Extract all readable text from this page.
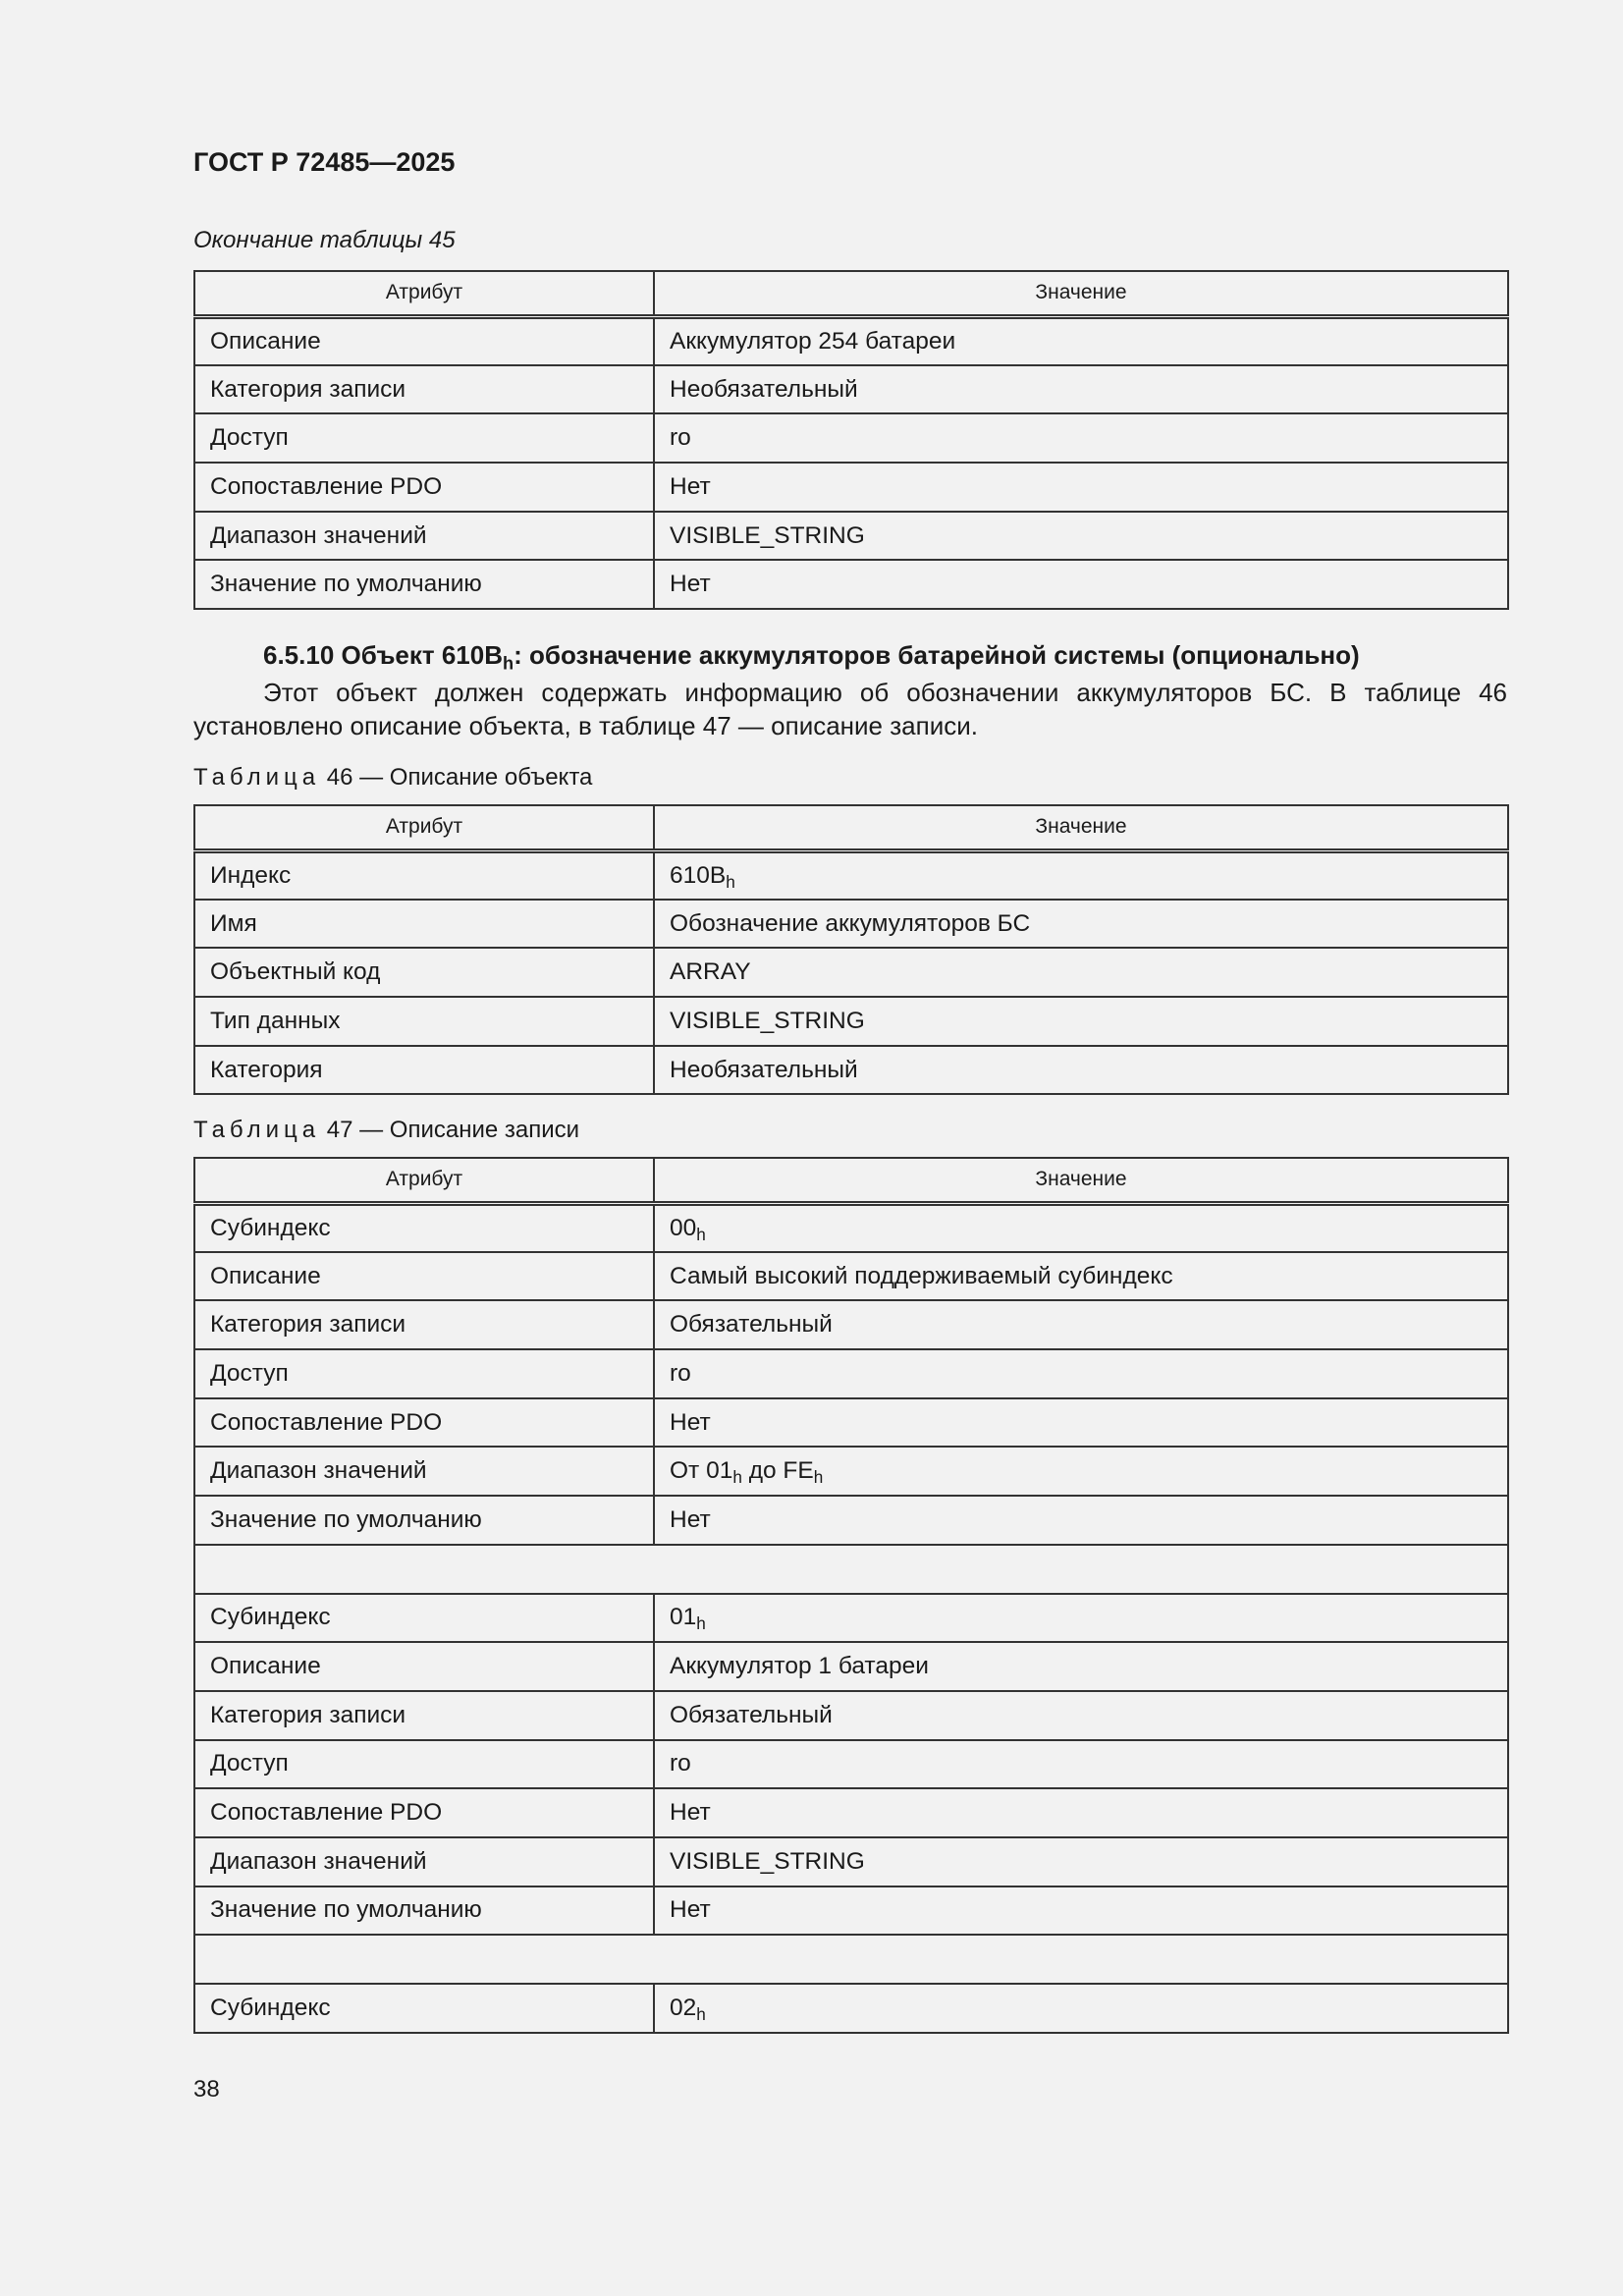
ГОСТ Р 72485—2025
Окончание таблицы 45
Атрибут	Значение
Описание	Аккумулятор 254 батареи
Категория записи	Необязательный
Доступ	ro
Сопоставление PDO	Нет
Диапазон значений	VISIBLE_STRING
Значение по умолчанию	Нет
6.5.10 Объект $610B_h$: обозначение аккумуляторов батарейной системы (опционально)
Этот объект должен содержать информацию об обозначении аккумуляторов БС. В таблице 46 установлено описание объекта, в таблице 47 — описание записи.
Таблица 46 — Описание объекта
Атрибут	Значение
Индекс	$610B_h$
Имя	Обозначение аккумуляторов БС
Объектный код	ARRAY
Тип данных	VISIBLE_STRING
Категория	Необязательный
Таблица 47 — Описание записи
Атрибут	Значение
Субиндекс	$00_h$
Описание	Самый высокий поддерживаемый субиндекс
Категория записи	Обязательный
Доступ	ro
Сопоставление PDO	Нет
Диапазон значений	От $01_h$ до $FE_h$
Значение по умолчанию	Нет

Субиндекс	$01_h$
Описание	Аккумулятор 1 батареи
Категория записи	Обязательный
Доступ	ro
Сопоставление PDO	Нет
Диапазон значений	VISIBLE_STRING
Значение по умолчанию	Нет

Субиндекс	$02_h$
38
